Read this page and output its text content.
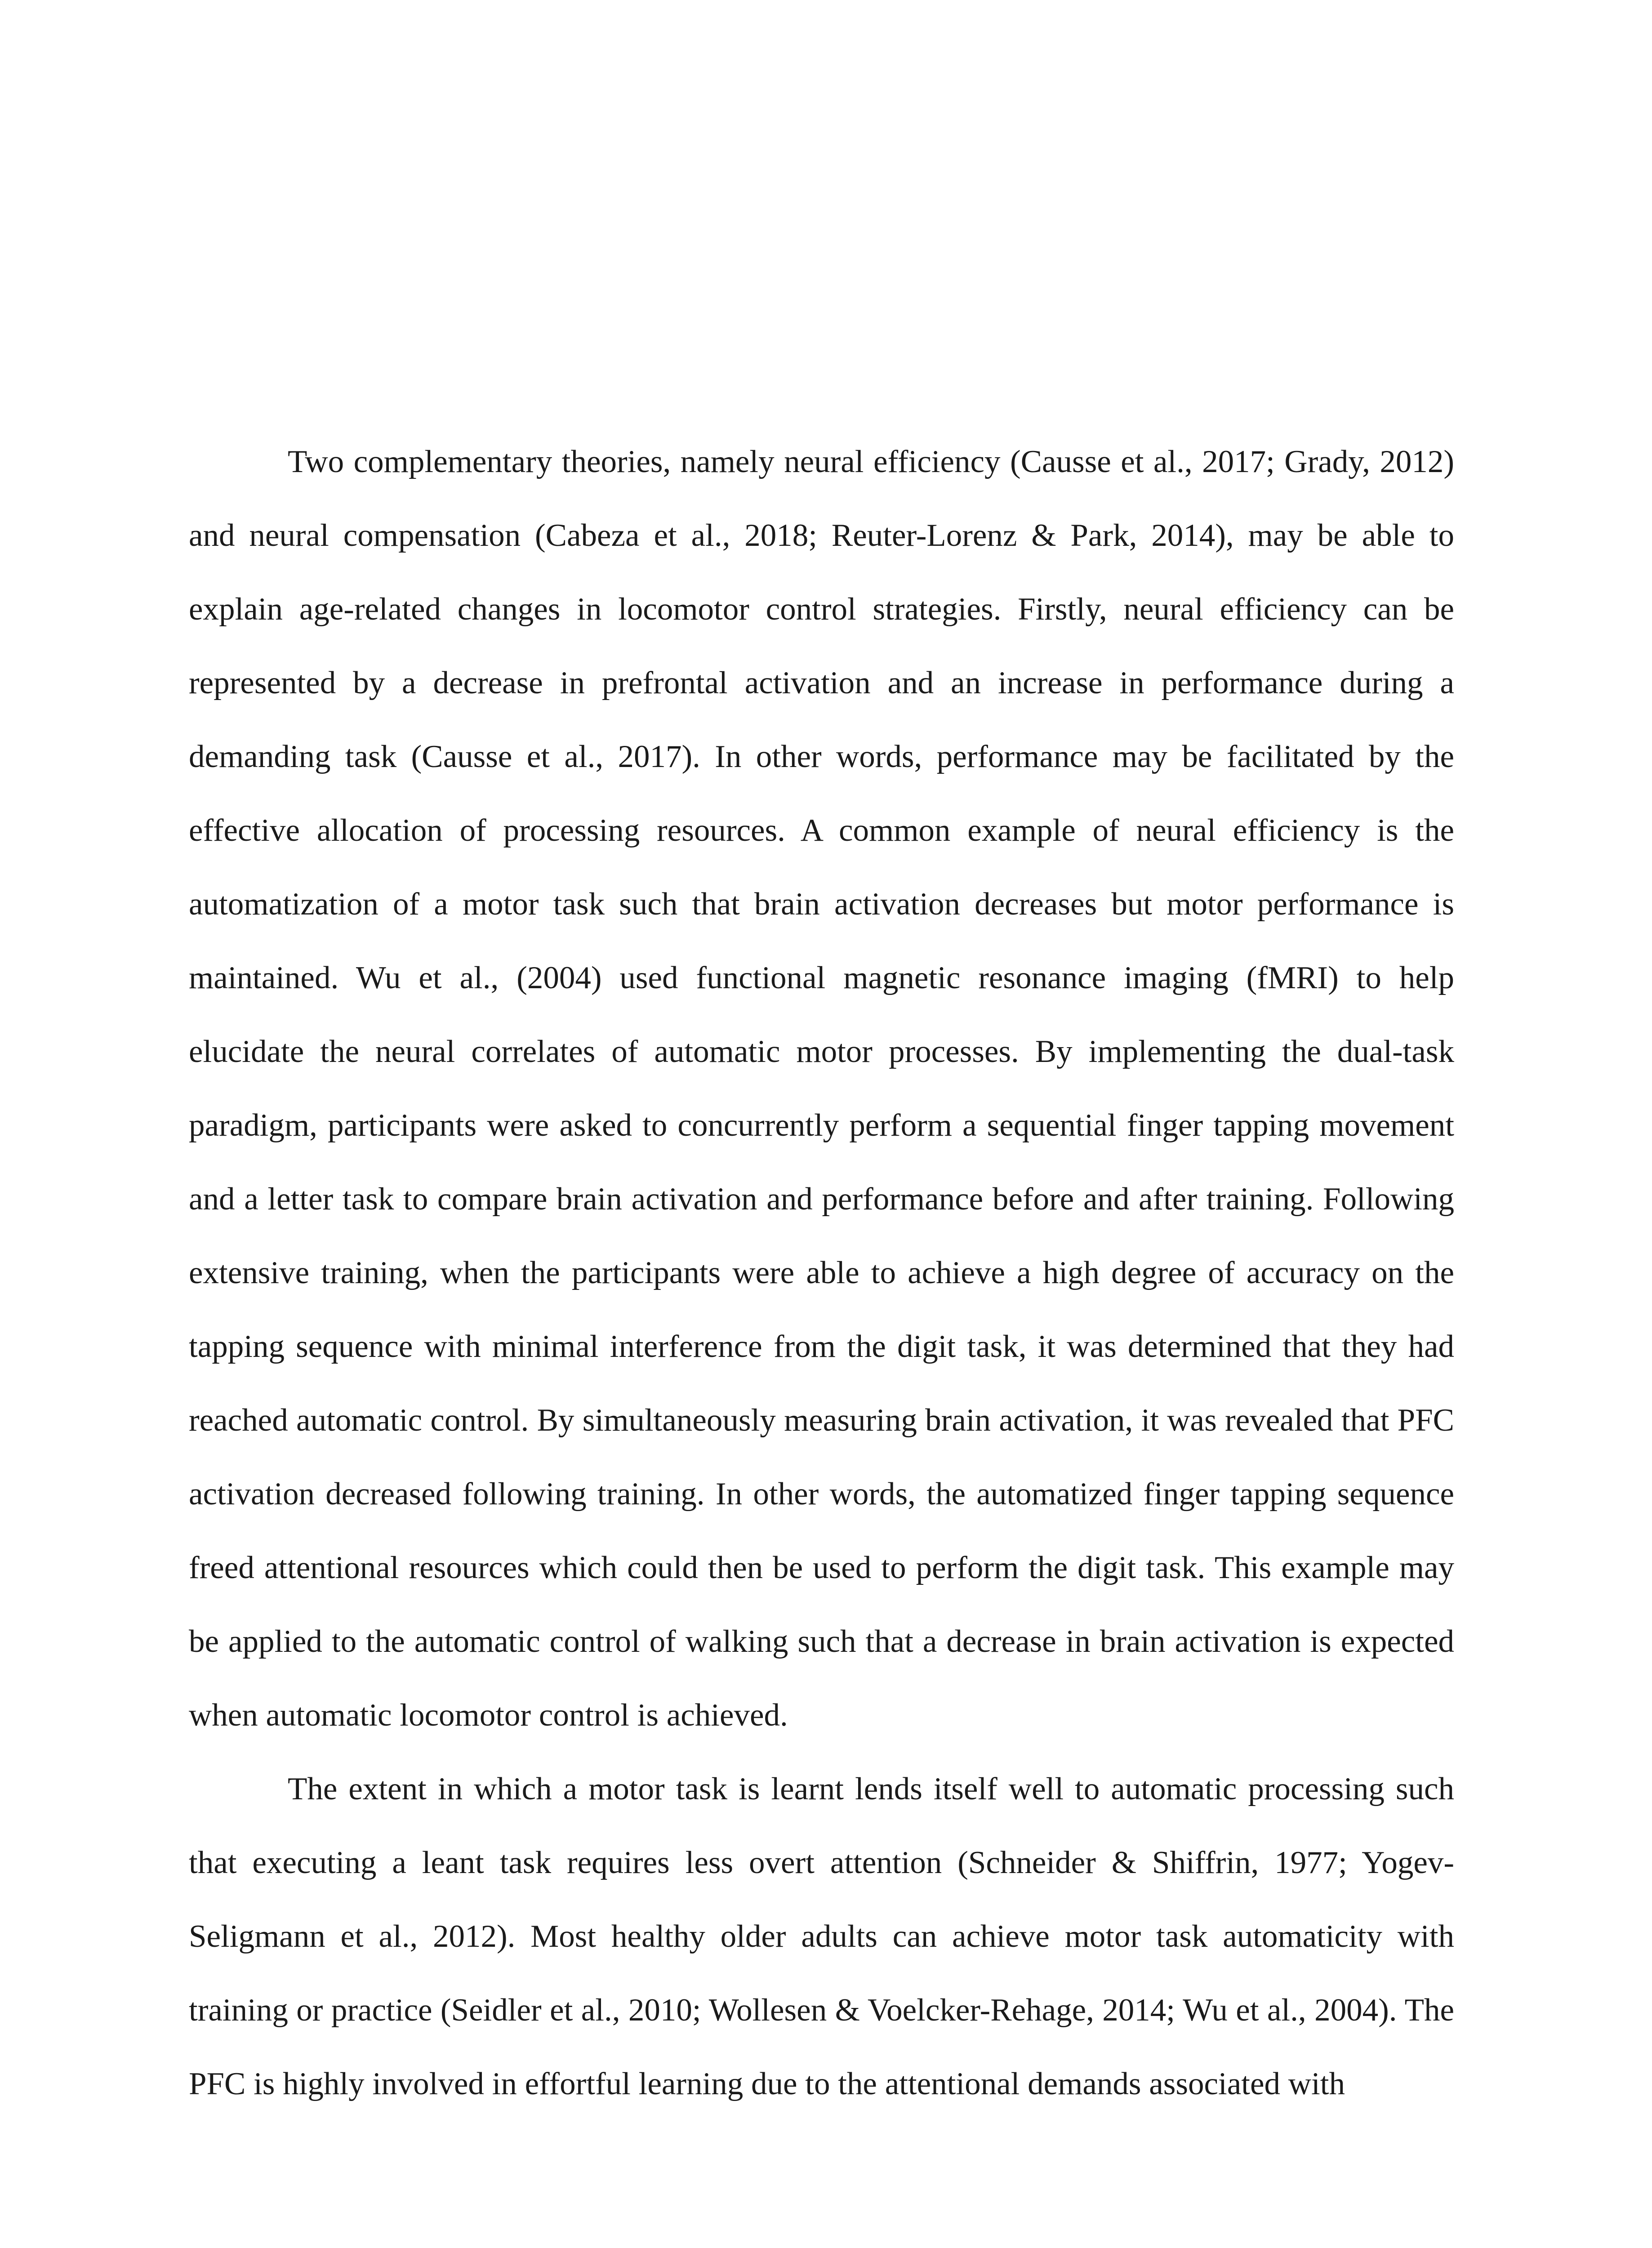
Two complementary theories, namely neural efficiency (Causse et al., 2017; Grady, 2012) and neural compensation (Cabeza et al., 2018; Reuter-Lorenz & Park, 2014), may be able to explain age-related changes in locomotor control strategies. Firstly, neural efficiency can be represented by a decrease in prefrontal activation and an increase in performance during a demanding task (Causse et al., 2017). In other words, performance may be facilitated by the effective allocation of processing resources. A common example of neural efficiency is the automatization of a motor task such that brain activation decreases but motor performance is maintained. Wu et al., (2004) used functional magnetic resonance imaging (fMRI) to help elucidate the neural correlates of automatic motor processes. By implementing the dual-task paradigm, participants were asked to concurrently perform a sequential finger tapping movement and a letter task to compare brain activation and performance before and after training. Following extensive training, when the participants were able to achieve a high degree of accuracy on the tapping sequence with minimal interference from the digit task, it was determined that they had reached automatic control. By simultaneously measuring brain activation, it was revealed that PFC activation decreased following training. In other words, the automatized finger tapping sequence freed attentional resources which could then be used to perform the digit task. This example may be applied to the automatic control of walking such that a decrease in brain activation is expected when automatic locomotor control is achieved.

The extent in which a motor task is learnt lends itself well to automatic processing such that executing a leant task requires less overt attention (Schneider & Shiffrin, 1977; Yogev-Seligmann et al., 2012). Most healthy older adults can achieve motor task automaticity with training or practice (Seidler et al., 2010; Wollesen & Voelcker-Rehage, 2014; Wu et al., 2004). The PFC is highly involved in effortful learning due to the attentional demands associated with
